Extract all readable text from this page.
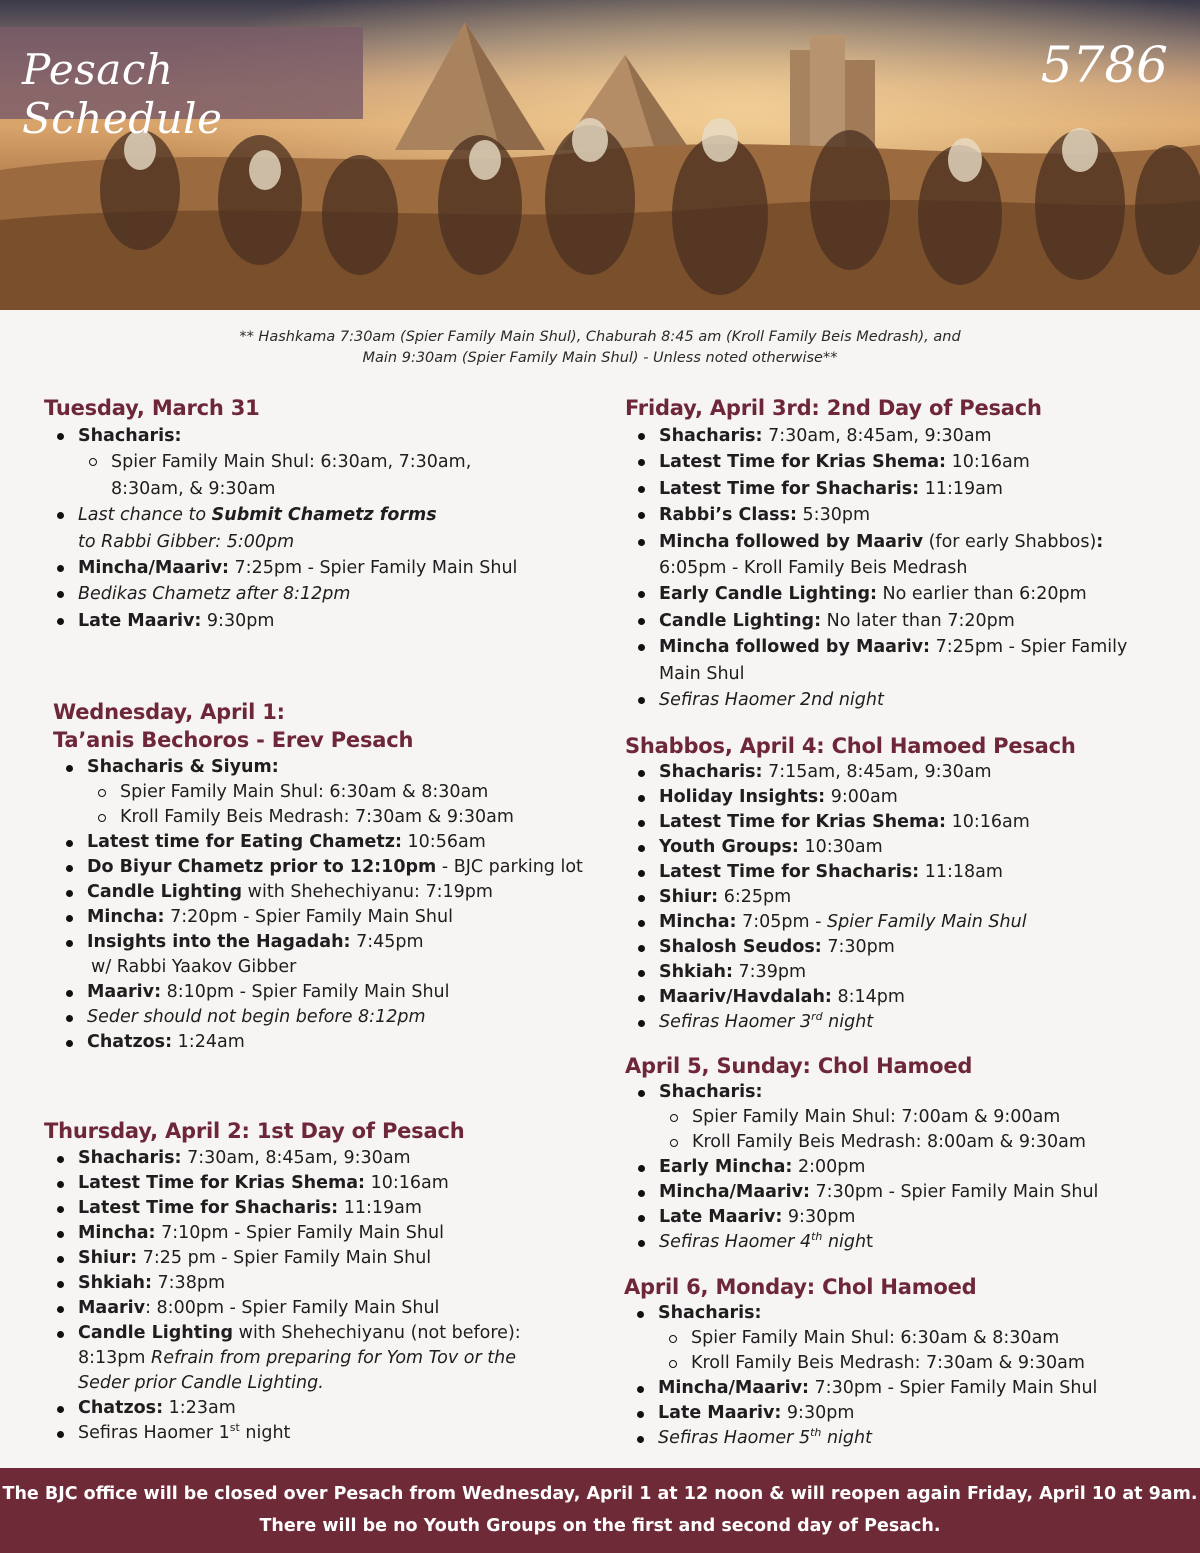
Pesach Schedule
5786
** Hashkama 7:30am (Spier Family Main Shul), Chaburah 8:45 am (Kroll Family Beis Medrash), and
Main 9:30am (Spier Family Main Shul) - Unless noted otherwise**
Tuesday, March 31
Shacharis:
Spier Family Main Shul: 6:30am, 7:30am,
8:30am, & 9:30am
Last chance to Submit Chametz forms
to Rabbi Gibber: 5:00pm
Mincha/Maariv: 7:25pm - Spier Family Main Shul
Bedikas Chametz after 8:12pm
Late Maariv: 9:30pm
Wednesday, April 1:
Ta’anis Bechoros - Erev Pesach
Shacharis & Siyum:
Spier Family Main Shul: 6:30am & 8:30am
Kroll Family Beis Medrash: 7:30am & 9:30am
Latest time for Eating Chametz: 10:56am
Do Biyur Chametz prior to 12:10pm - BJC parking lot
Candle Lighting with Shehechiyanu: 7:19pm
Mincha: 7:20pm - Spier Family Main Shul
Insights into the Hagadah: 7:45pm
w/ Rabbi Yaakov Gibber
Maariv: 8:10pm - Spier Family Main Shul
Seder should not begin before 8:12pm
Chatzos: 1:24am
Thursday, April 2: 1st Day of Pesach
Shacharis: 7:30am, 8:45am, 9:30am
Latest Time for Krias Shema: 10:16am
Latest Time for Shacharis: 11:19am
Mincha: 7:10pm - Spier Family Main Shul
Shiur: 7:25 pm - Spier Family Main Shul
Shkiah: 7:38pm
Maariv: 8:00pm - Spier Family Main Shul
Candle Lighting with Shehechiyanu (not before):
8:13pm Refrain from preparing for Yom Tov or the
Seder prior Candle Lighting.
Chatzos: 1:23am
Sefiras Haomer 1st night
Friday, April 3rd: 2nd Day of Pesach
Shacharis: 7:30am, 8:45am, 9:30am
Latest Time for Krias Shema: 10:16am
Latest Time for Shacharis: 11:19am
Rabbi’s Class: 5:30pm
Mincha followed by Maariv (for early Shabbos):
6:05pm - Kroll Family Beis Medrash
Early Candle Lighting: No earlier than 6:20pm
Candle Lighting: No later than 7:20pm
Mincha followed by Maariv: 7:25pm - Spier Family
Main Shul
Sefiras Haomer 2nd night
Shabbos, April 4: Chol Hamoed Pesach
Shacharis: 7:15am, 8:45am, 9:30am
Holiday Insights: 9:00am
Latest Time for Krias Shema: 10:16am
Youth Groups: 10:30am
Latest Time for Shacharis: 11:18am
Shiur: 6:25pm
Mincha: 7:05pm - Spier Family Main Shul
Shalosh Seudos: 7:30pm
Shkiah: 7:39pm
Maariv/Havdalah: 8:14pm
Sefiras Haomer 3rd night
April 5, Sunday: Chol Hamoed
Shacharis:
Spier Family Main Shul: 7:00am & 9:00am
Kroll Family Beis Medrash: 8:00am & 9:30am
Early Mincha: 2:00pm
Mincha/Maariv: 7:30pm - Spier Family Main Shul
Late Maariv: 9:30pm
Sefiras Haomer 4th night
April 6, Monday: Chol Hamoed
Shacharis:
Spier Family Main Shul: 6:30am & 8:30am
Kroll Family Beis Medrash: 7:30am & 9:30am
Mincha/Maariv: 7:30pm - Spier Family Main Shul
Late Maariv: 9:30pm
Sefiras Haomer 5th night
The BJC office will be closed over Pesach from Wednesday, April 1 at 12 noon & will reopen again Friday, April 10 at 9am.
There will be no Youth Groups on the first and second day of Pesach.
